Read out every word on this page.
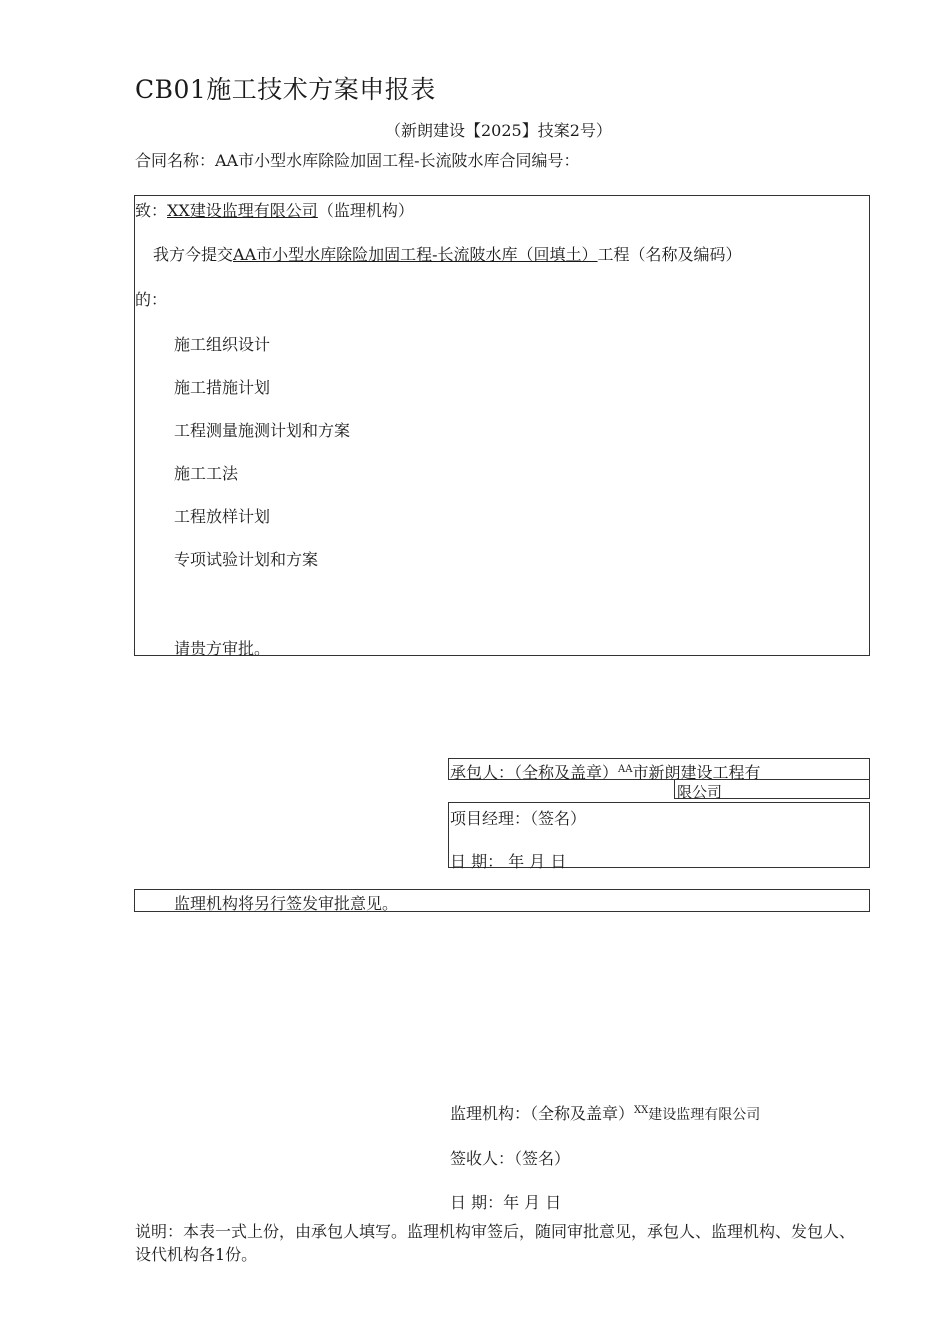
CB01施工技术方案申报表
（新朗建设【2025】技案2号）
合同名称：AA市小型水库除险加固工程-长流陂水库合同编号：
致：XX建设监理有限公司（监理机构）
我方今提交AA市小型水库除险加固工程-长流陂水库（回填土）工程（名称及编码）
的：
施工组织设计
施工措施计划
工程测量施测计划和方案
施工工法
工程放样计划
专项试验计划和方案
请贵方审批。
承包人：（全称及盖章）$^{AA}$市新朗建设工程有
限公司
项目经理：（签名）
日 期： 年 月 日
监理机构将另行签发审批意见。
监理机构：（全称及盖章）$^{XX}$建设监理有限公司
签收人：（签名）
日 期：年 月 日
说明：本表一式上份，由承包人填写。监理机构审签后，随同审批意见，承包人、监理机构、发包人、设代机构各1份。
